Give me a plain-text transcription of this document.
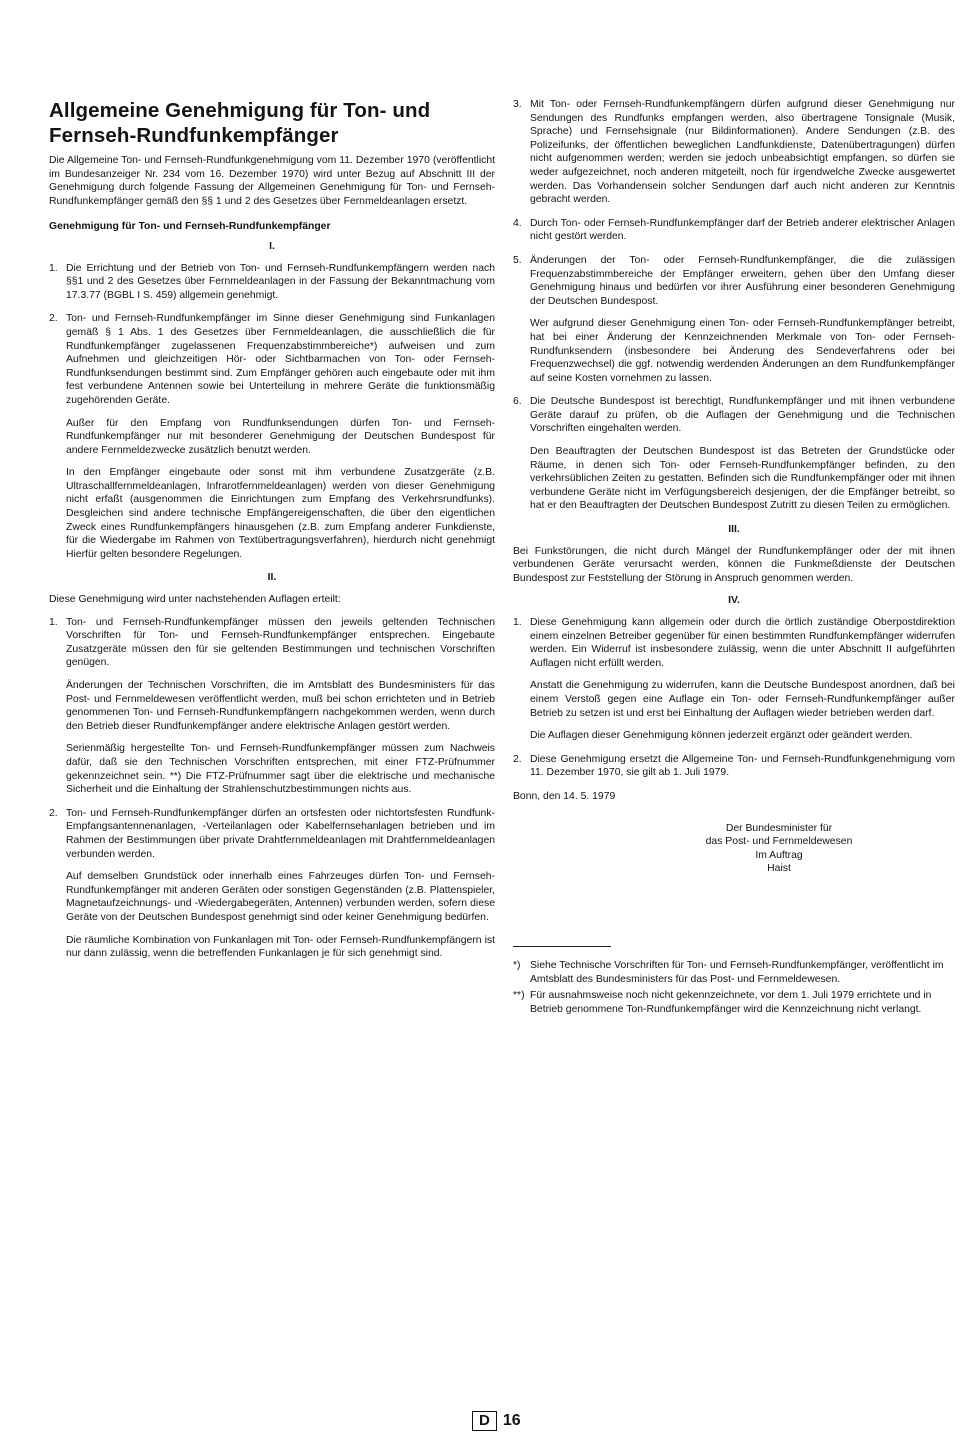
Allgemeine Genehmigung für Ton- und Fernseh-Rundfunkempfänger

Die Allgemeine Ton- und Fernseh-Rundfunkgenehmigung vom 11. Dezember 1970 (veröffentlicht im Bundesanzeiger Nr. 234 vom 16. Dezember 1970) wird unter Bezug auf Abschnitt III der Genehmigung durch folgende Fassung der Allgemeinen Genehmigung für Ton- und Fernseh-Rundfunkempfänger gemäß den §§ 1 und 2 des Gesetzes über Fernmeldeanlagen ersetzt.

Genehmigung für Ton- und Fernseh-Rundfunkempfänger
I.
1. Die Errichtung und der Betrieb von Ton- und Fernseh-Rundfunkempfängern werden nach §§1 und 2 des Gesetzes über Fernmeldeanlagen in der Fassung der Bekanntmachung vom 17.3.77 (BGBL I S. 459) allgemein genehmigt.

2. Ton- und Fernseh-Rundfunkempfänger im Sinne dieser Genehmigung sind Funkanlagen gemäß § 1 Abs. 1 des Gesetzes über Fernmeldeanlagen, die ausschließlich die für Rundfunkempfänger zugelassenen Frequenzabstimmbereiche*) aufweisen und zum Aufnehmen und gleichzeitigen Hör- oder Sichtbarmachen von Ton- oder Fernseh-Rundfunksendungen bestimmt sind. Zum Empfänger gehören auch eingebaute oder mit ihm fest verbundene Antennen sowie bei Unterteilung in mehrere Geräte die funktionsmäßig zugehörenden Geräte.

Außer für den Empfang von Rundfunksendungen dürfen Ton- und Fernseh-Rundfunkempfänger nur mit besonderer Genehmigung der Deutschen Bundespost für andere Fernmeldezwecke zusätzlich benutzt werden.

In den Empfänger eingebaute oder sonst mit ihm verbundene Zusatzgeräte (z.B. Ultraschallfernmeldeanlagen, Infrarotfernmeldeanlagen) werden von dieser Genehmigung nicht erfaßt (ausgenommen die Einrichtungen zum Empfang des Verkehrsrundfunks). Desgleichen sind andere technische Empfängereigenschaften, die über den eigentlichen Zweck eines Rundfunkempfängers hinausgehen (z.B. zum Empfang anderer Funkdienste, für die Wiedergabe im Rahmen von Textübertragungsverfahren), hierdurch nicht genehmigt Hierfür gelten besondere Regelungen.

II.

Diese Genehmigung wird unter nachstehenden Auflagen erteilt:

1. Ton- und Fernseh-Rundfunkempfänger müssen den jeweils geltenden Technischen Vorschriften für Ton- und Fernseh-Rundfunkempfänger entsprechen. Eingebaute Zusatzgeräte müssen den für sie geltenden Bestimmungen und technischen Vorschriften genügen.

Änderungen der Technischen Vorschriften, die im Amtsblatt des Bundesministers für das Post- und Fernmeldewesen veröffentlicht werden, muß bei schon errichteten und in Betrieb genommenen Ton- und Fernseh-Rundfunkempfängern nachgekommen werden, wenn durch den Betrieb dieser Rundfunkempfänger andere elektrische Anlagen gestört werden.

Serienmäßig hergestellte Ton- und Fernseh-Rundfunkempfänger müssen zum Nachweis dafür, daß sie den Technischen Vorschriften entsprechen, mit einer FTZ-Prüfnummer gekennzeichnet sein. **) Die FTZ-Prüfnummer sagt über die elektrische und mechanische Sicherheit und die Einhaltung der Strahlenschutzbestimmungen nichts aus.

2. Ton- und Fernseh-Rundfunkempfänger dürfen an ortsfesten oder nichtortsfesten Rundfunk-Empfangsantennenanlagen, -Verteilanlagen oder Kabelfernsehanlagen betrieben und im Rahmen der Bestimmungen über private Drahtfernmeldeanlagen mit Drahtfernmeldeanlagen verbunden werden.

Auf demselben Grundstück oder innerhalb eines Fahrzeuges dürfen Ton- und Fernseh-Rundfunkempfänger mit anderen Geräten oder sonstigen Gegenständen (z.B. Plattenspieler, Magnetaufzeichnungs- und -Wiedergabegeräten, Antennen) verbunden werden, sofern diese Geräte von der Deutschen Bundespost genehmigt sind oder keiner Genehmigung bedürfen.

Die räumliche Kombination von Funkanlagen mit Ton- oder Fernseh-Rundfunkempfängern ist nur dann zulässig, wenn die betreffenden Funkanlagen je für sich genehmigt sind.

3. Mit Ton- oder Fernseh-Rundfunkempfängern dürfen aufgrund dieser Genehmigung nur Sendungen des Rundfunks empfangen werden, also übertragene Tonsignale (Musik, Sprache) und Fernsehsignale (nur Bildinformationen). Andere Sendungen (z.B. des Polizeifunks, der öffentlichen beweglichen Landfunkdienste, Datenübertragungen) dürfen nicht aufgenommen werden; werden sie jedoch unbeabsichtigt empfangen, so dürfen sie weder aufgezeichnet, noch anderen mitgeteilt, noch für irgendwelche Zwecke ausgewertet werden. Das Vorhandensein solcher Sendungen darf auch nicht anderen zur Kenntnis gebracht werden.

4. Durch Ton- oder Fernseh-Rundfunkempfänger darf der Betrieb anderer elektrischer Anlagen nicht gestört werden.

5. Änderungen der Ton- oder Fernseh-Rundfunkempfänger, die die zulässigen Frequenzabstimmbereiche der Empfänger erweitern, gehen über den Umfang dieser Genehmigung hinaus und bedürfen vor ihrer Ausführung einer besonderen Genehmigung der Deutschen Bundespost.

Wer aufgrund dieser Genehmigung einen Ton- oder Fernseh-Rundfunkempfänger betreibt, hat bei einer Änderung der Kennzeichnenden Merkmale von Ton- oder Fernseh-Rundfunksendern (insbesondere bei Änderung des Sendeverfahrens oder bei Frequenzwechsel) die ggf. notwendig werdenden Änderungen an dem Rundfunkempfänger auf seine Kosten vornehmen zu lassen.

6. Die Deutsche Bundespost ist berechtigt, Rundfunkempfänger und mit ihnen verbundene Geräte darauf zu prüfen, ob die Auflagen der Genehmigung und die Technischen Vorschriften eingehalten werden.

Den Beauftragten der Deutschen Bundespost ist das Betreten der Grundstücke oder Räume, in denen sich Ton- oder Fernseh-Rundfunkempfänger befinden, zu den verkehrsüblichen Zeiten zu gestatten. Befinden sich die Rundfunkempfänger oder mit ihnen verbundene Geräte nicht im Verfügungsbereich desjenigen, der die Empfänger betreibt, so hat er den Beauftragten der Deutschen Bundespost Zutritt zu diesen Teilen zu ermöglichen.

III.

Bei Funkstörungen, die nicht durch Mängel der Rundfunkempfänger oder der mit ihnen verbundenen Geräte verursacht werden, können die Funkmeßdienste der Deutschen Bundespost zur Feststellung der Störung in Anspruch genommen werden.

IV.
1. Diese Genehmigung kann allgemein oder durch die örtlich zuständige Oberpostdirektion einem einzelnen Betreiber gegenüber für einen bestimmten Rundfunkempfänger widerrufen werden. Ein Widerruf ist insbesondere zulässig, wenn die unter Abschnitt II aufgeführten Auflagen nicht erfüllt werden.

Anstatt die Genehmigung zu widerrufen, kann die Deutsche Bundespost anordnen, daß bei einem Verstoß gegen eine Auflage ein Ton- oder Fernseh-Rundfunkempfänger außer Betrieb zu setzen ist und erst bei Einhaltung der Auflagen wieder betrieben werden darf.

Die Auflagen dieser Genehmigung können jederzeit ergänzt oder geändert werden.

2. Diese Genehmigung ersetzt die Allgemeine Ton- und Fernseh-Rundfunkgenehmigung vom 11. Dezember 1970, sie gilt ab 1. Juli 1979.

Bonn, den 14. 5. 1979

Der Bundesminister für

das Post- und Fernmeldewesen

Im Auftrag

Haist

*) Siehe Technische Vorschriften für Ton- und Fernseh-Rundfunkempfänger, veröffentlicht im Amtsblatt des Bundesministers für das Post- und Fernmeldewesen.
**) Für ausnahmsweise noch nicht gekennzeichnete, vor dem 1. Juli 1979 errichtete und in Betrieb genommene Ton-Rundfunkempfänger wird die Kennzeichnung nicht verlangt.
D 16
